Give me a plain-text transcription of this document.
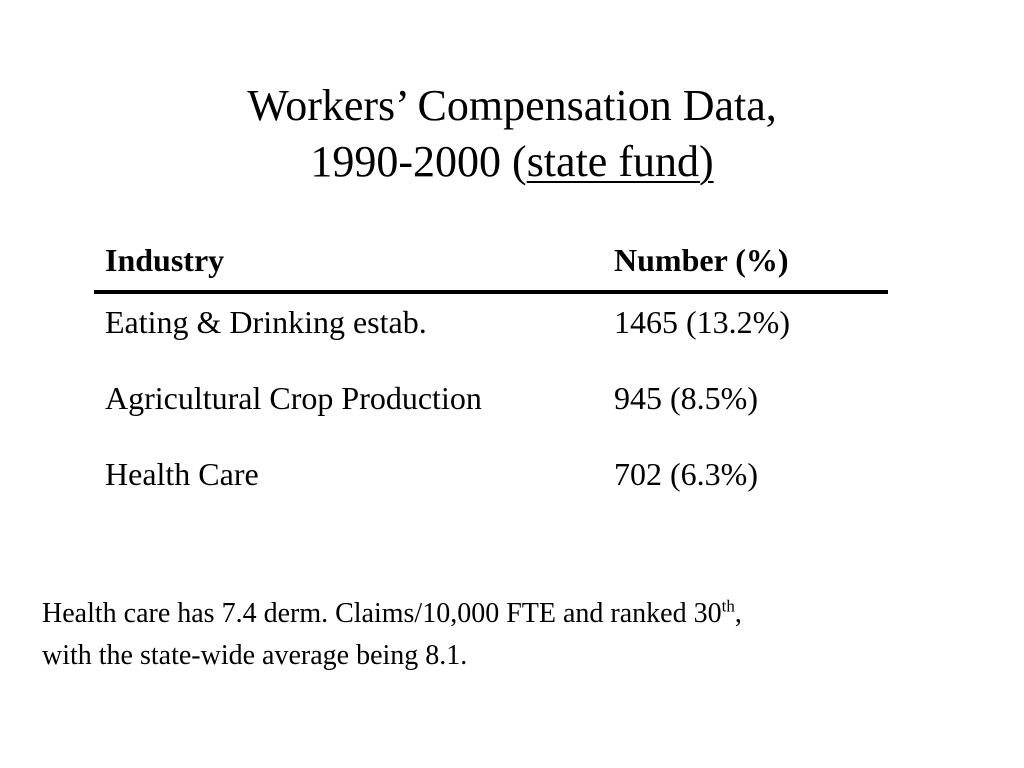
Workers’ Compensation Data,
1990-2000 (state fund)
Industry	Number (%)
Eating & Drinking estab.	1465 (13.2%)
Agricultural Crop Production	945 (8.5%)
Health Care	702 (6.3%)
Health care has 7.4 derm. Claims/10,000 FTE and ranked 30th,
with the state-wide average being 8.1.
